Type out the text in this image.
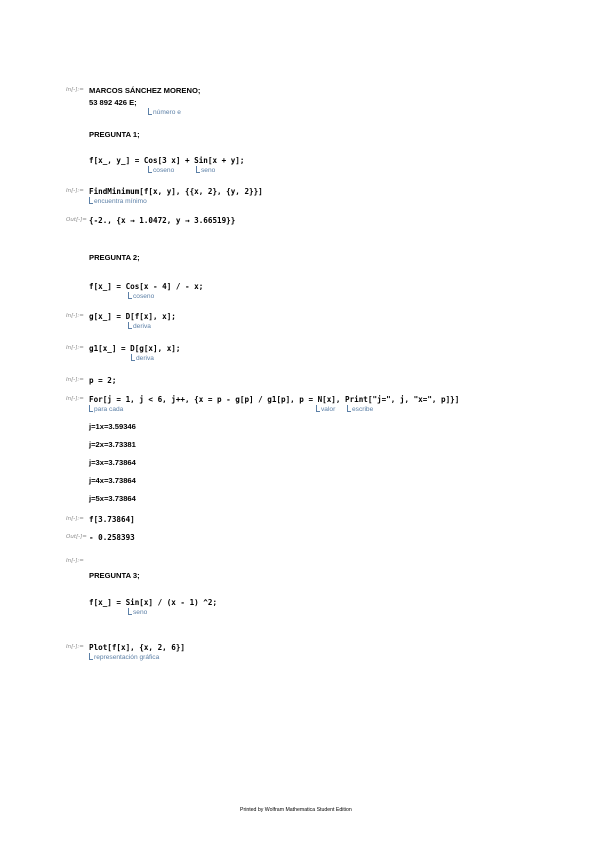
In[-]:= MARCOS SÁNCHEZ MORENO;
53 892 426 E;
número e
PREGUNTA 1;
f[x_, y_] = Cos[3 x] + Sin[x + y];
coseno	seno
In[-]:= FindMinimum[f[x, y], {{x, 2}, {y, 2}}]
encuentra mínimo
Out[-]= {-2., {x → 1.0472, y → 3.66519}}
PREGUNTA 2;
f[x_] = Cos[x - 4] / - x;
coseno
In[-]:= g[x_] = D[f[x], x];
deriva
In[-]:= g1[x_] = D[g[x], x];
deriva
In[-]:= p = 2;
In[-]:= For[j = 1, j < 6, j++, {x = p - g[p] / g1[p], p = N[x], Print["j=", j, "x=", p]}]
para cada	valor	escribe
j=1x=3.59346
j=2x=3.73381
j=3x=3.73864
j=4x=3.73864
j=5x=3.73864
In[-]:= f[3.73864]
Out[-]= - 0.258393
In[-]:=
PREGUNTA 3;
f[x_] = Sin[x] / (x - 1) ^2;
seno
In[-]:= Plot[f[x], {x, 2, 6}]
representación gráfica
Printed by Wolfram Mathematica Student Edition
